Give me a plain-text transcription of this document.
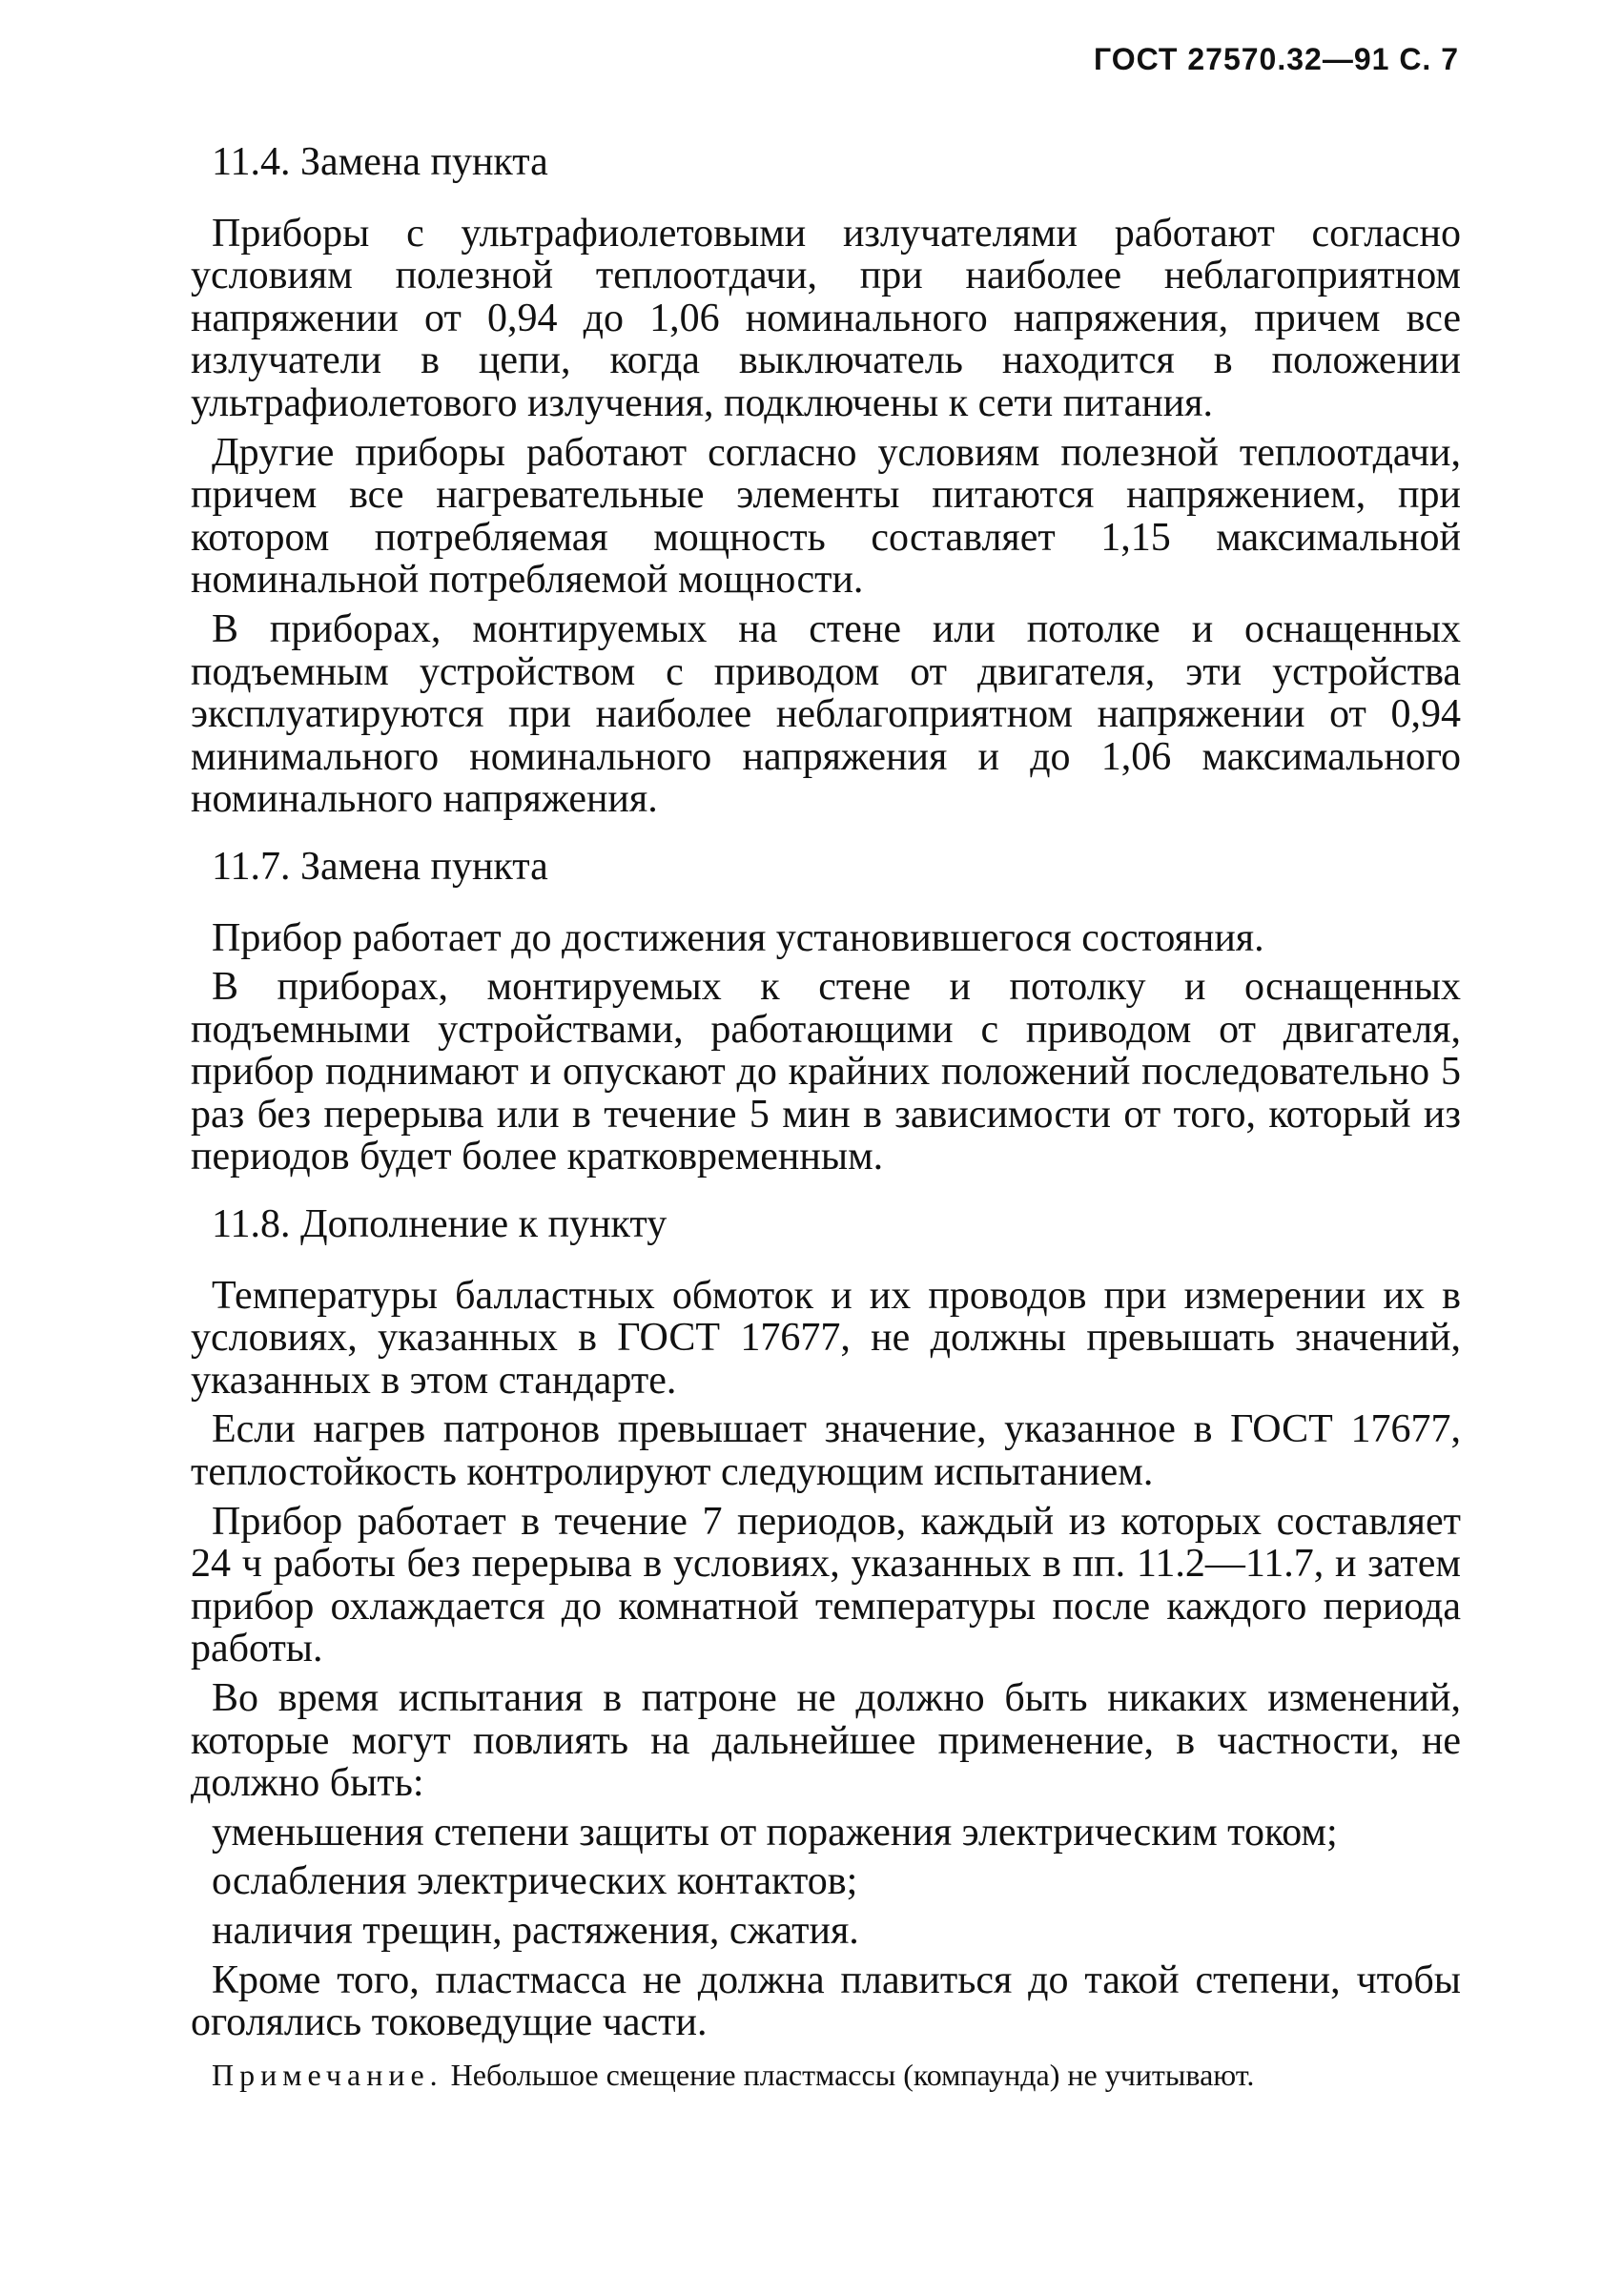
ГОСТ 27570.32—91 С. 7
11.4. Замена пункта

Приборы с ультрафиолетовыми излучателями работают согласно условиям полезной теплоотдачи, при наиболее неблагоприятном напряжении от 0,94 до 1,06 номинального напряжения, причем все излучатели в цепи, когда выключатель находится в положении ультрафиолетового излучения, подключены к сети питания.

Другие приборы работают согласно условиям полезной теплоотдачи, причем все нагревательные элементы питаются напряжением, при котором потребляемая мощность составляет 1,15 максимальной номинальной потребляемой мощности.

В приборах, монтируемых на стене или потолке и оснащенных подъемным устройством с приводом от двигателя, эти устройства эксплуатируются при наиболее неблагоприятном напряжении от 0,94 минимального номинального напряжения и до 1,06 максимального номинального напряжения.

11.7. Замена пункта

Прибор работает до достижения установившегося состояния.

В приборах, монтируемых к стене и потолку и оснащенных подъемными устройствами, работающими с приводом от двигателя, прибор поднимают и опускают до крайних положений последовательно 5 раз без перерыва или в течение 5 мин в зависимости от того, который из периодов будет более кратковременным.

11.8. Дополнение к пункту

Температуры балластных обмоток и их проводов при измерении их в условиях, указанных в ГОСТ 17677, не должны превышать значений, указанных в этом стандарте.

Если нагрев патронов превышает значение, указанное в ГОСТ 17677, теплостойкость контролируют следующим испытанием.

Прибор работает в течение 7 периодов, каждый из которых составляет 24 ч работы без перерыва в условиях, указанных в пп. 11.2—11.7, и затем прибор охлаждается до комнатной температуры после каждого периода работы.

Во время испытания в патроне не должно быть никаких изменений, которые могут повлиять на дальнейшее применение, в частности, не должно быть:

уменьшения степени защиты от поражения электрическим током;

ослабления электрических контактов;

наличия трещин, растяжения, сжатия.

Кроме того, пластмасса не должна плавиться до такой степени, чтобы оголялись токоведущие части.

Примечание. Небольшое смещение пластмассы (компаунда) не учитывают.
